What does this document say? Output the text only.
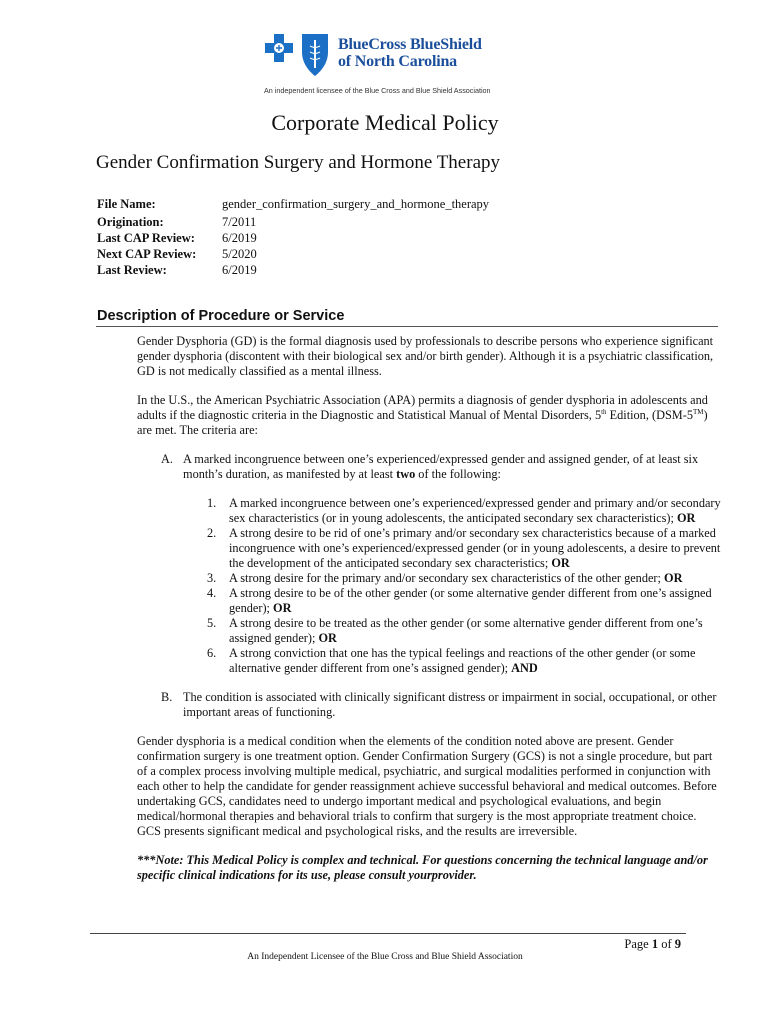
BlueCross BlueShield
of North Carolina
An independent licensee of the Blue Cross and Blue Shield Association
Corporate Medical Policy
Gender Confirmation Surgery and Hormone Therapy
File Name:	gender_confirmation_surgery_and_hormone_therapy
Origination:	7/2011
Last CAP Review:	6/2019
Next CAP Review:	5/2020
Last Review:	6/2019
Description of Procedure or Service

Gender Dysphoria (GD) is the formal diagnosis used by professionals to describe persons who experience significant gender dysphoria (discontent with their biological sex and/or birth gender). Although it is a psychiatric classification, GD is not medically classified as a mental illness.

In the U.S., the American Psychiatric Association (APA) permits a diagnosis of gender dysphoria in adolescents and adults if the diagnostic criteria in the Diagnostic and Statistical Manual of Mental Disorders, 5th Edition, (DSM-5™) are met. The criteria are:

A. A marked incongruence between one’s experienced/expressed gender and assigned gender, of at least six month’s duration, as manifested by at least two of the following:
1.	A marked incongruence between one’s experienced/expressed gender and primary and/or secondary sex characteristics (or in young adolescents, the anticipated secondary sex characteristics); OR
2.	A strong desire to be rid of one’s primary and/or secondary sex characteristics because of a marked incongruence with one’s experienced/expressed gender (or in young adolescents, a desire to prevent the development of the anticipated secondary sex characteristics; OR
3.	A strong desire for the primary and/or secondary sex characteristics of the other gender; OR
4.	A strong desire to be of the other gender (or some alternative gender different from one’s assigned gender); OR
5.	A strong desire to be treated as the other gender (or some alternative gender different from one’s assigned gender); OR
6.	A strong conviction that one has the typical feelings and reactions of the other gender (or some alternative gender different from one’s assigned gender); AND
B. The condition is associated with clinically significant distress or impairment in social, occupational, or other important areas of functioning.

Gender dysphoria is a medical condition when the elements of the condition noted above are present. Gender confirmation surgery is one treatment option. Gender Confirmation Surgery (GCS) is not a single procedure, but part of a complex process involving multiple medical, psychiatric, and surgical modalities performed in conjunction with each other to help the candidate for gender reassignment achieve successful behavioral and medical outcomes. Before undertaking GCS, candidates need to undergo important medical and psychological evaluations, and begin medical/hormonal therapies and behavioral trials to confirm that surgery is the most appropriate treatment choice. GCS presents significant medical and psychological risks, and the results are irreversible.

***Note: This Medical Policy is complex and technical. For questions concerning the technical language and/or specific clinical indications for its use, please consult yourprovider.

Page 1 of 9
An Independent Licensee of the Blue Cross and Blue Shield Association
